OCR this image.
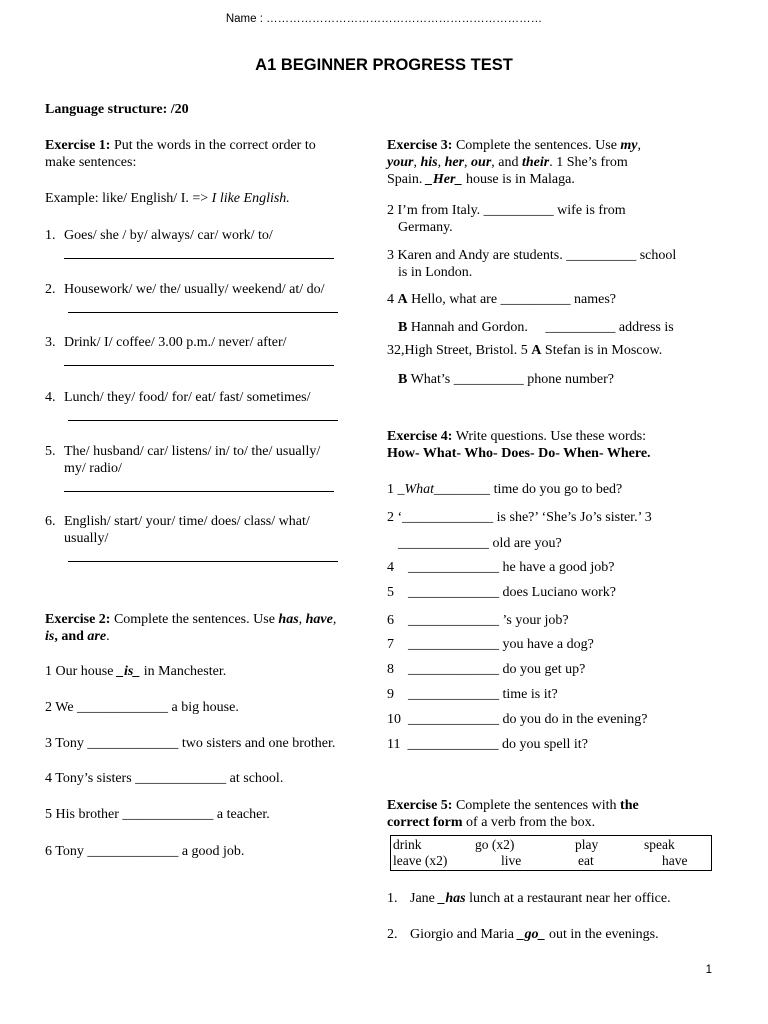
Name : ………………………………………………………………
A1 BEGINNER PROGRESS TEST
Language structure: /20
Exercise 1: Put the words in the correct order to
make sentences:
Example: like/ English/ I. => I like English.
1. Goes/ she / by/ always/ car/ work/ to/
2. Housework/ we/ the/ usually/ weekend/ at/ do/
3. Drink/ I/ coffee/ 3.00 p.m./ never/ after/
4. Lunch/ they/ food/ for/ eat/ fast/ sometimes/
5. The/ husband/ car/ listens/ in/ to/ the/ usually/
my/ radio/
6. English/ start/ your/ time/ does/ class/ what/
usually/
Exercise 2: Complete the sentences. Use has, have,
is, and are.
1 Our house _is_ in Manchester.
2 We _____________ a big house.
3 Tony _____________ two sisters and one brother.
4 Tony’s sisters _____________ at school.
5 His brother _____________ a teacher.
6 Tony _____________ a good job.
Exercise 3: Complete the sentences. Use my,
your, his, her, our, and their. 1 She’s from
Spain. _Her_ house is in Malaga.
2 I’m from Italy. __________ wife is from
Germany.
3 Karen and Andy are students. __________ school
is in London.
4 A Hello, what are __________ names?
B Hannah and Gordon.     __________ address is
32,High Street, Bristol. 5 A Stefan is in Moscow.
B What’s __________ phone number?
Exercise 4: Write questions. Use these words:
How- What- Who- Does- Do- When- Where.
1 _What________ time do you go to bed?
2 ‘_____________ is she?’ ‘She’s Jo’s sister.’ 3
_____________ old are you?
4    _____________ he have a good job?
5    _____________ does Luciano work?
6    _____________ ’s your job?
7    _____________ you have a dog?
8    _____________ do you get up?
9    _____________ time is it?
10  _____________ do you do in the evening?
11  _____________ do you spell it?
Exercise 5: Complete the sentences with the
correct form of a verb from the box.
drink	go (x2)	play	speak
leave (x2)	live	eat	have
1. Jane _has lunch at a restaurant near her office.
2. Giorgio and Maria _go_ out in the evenings.
1
